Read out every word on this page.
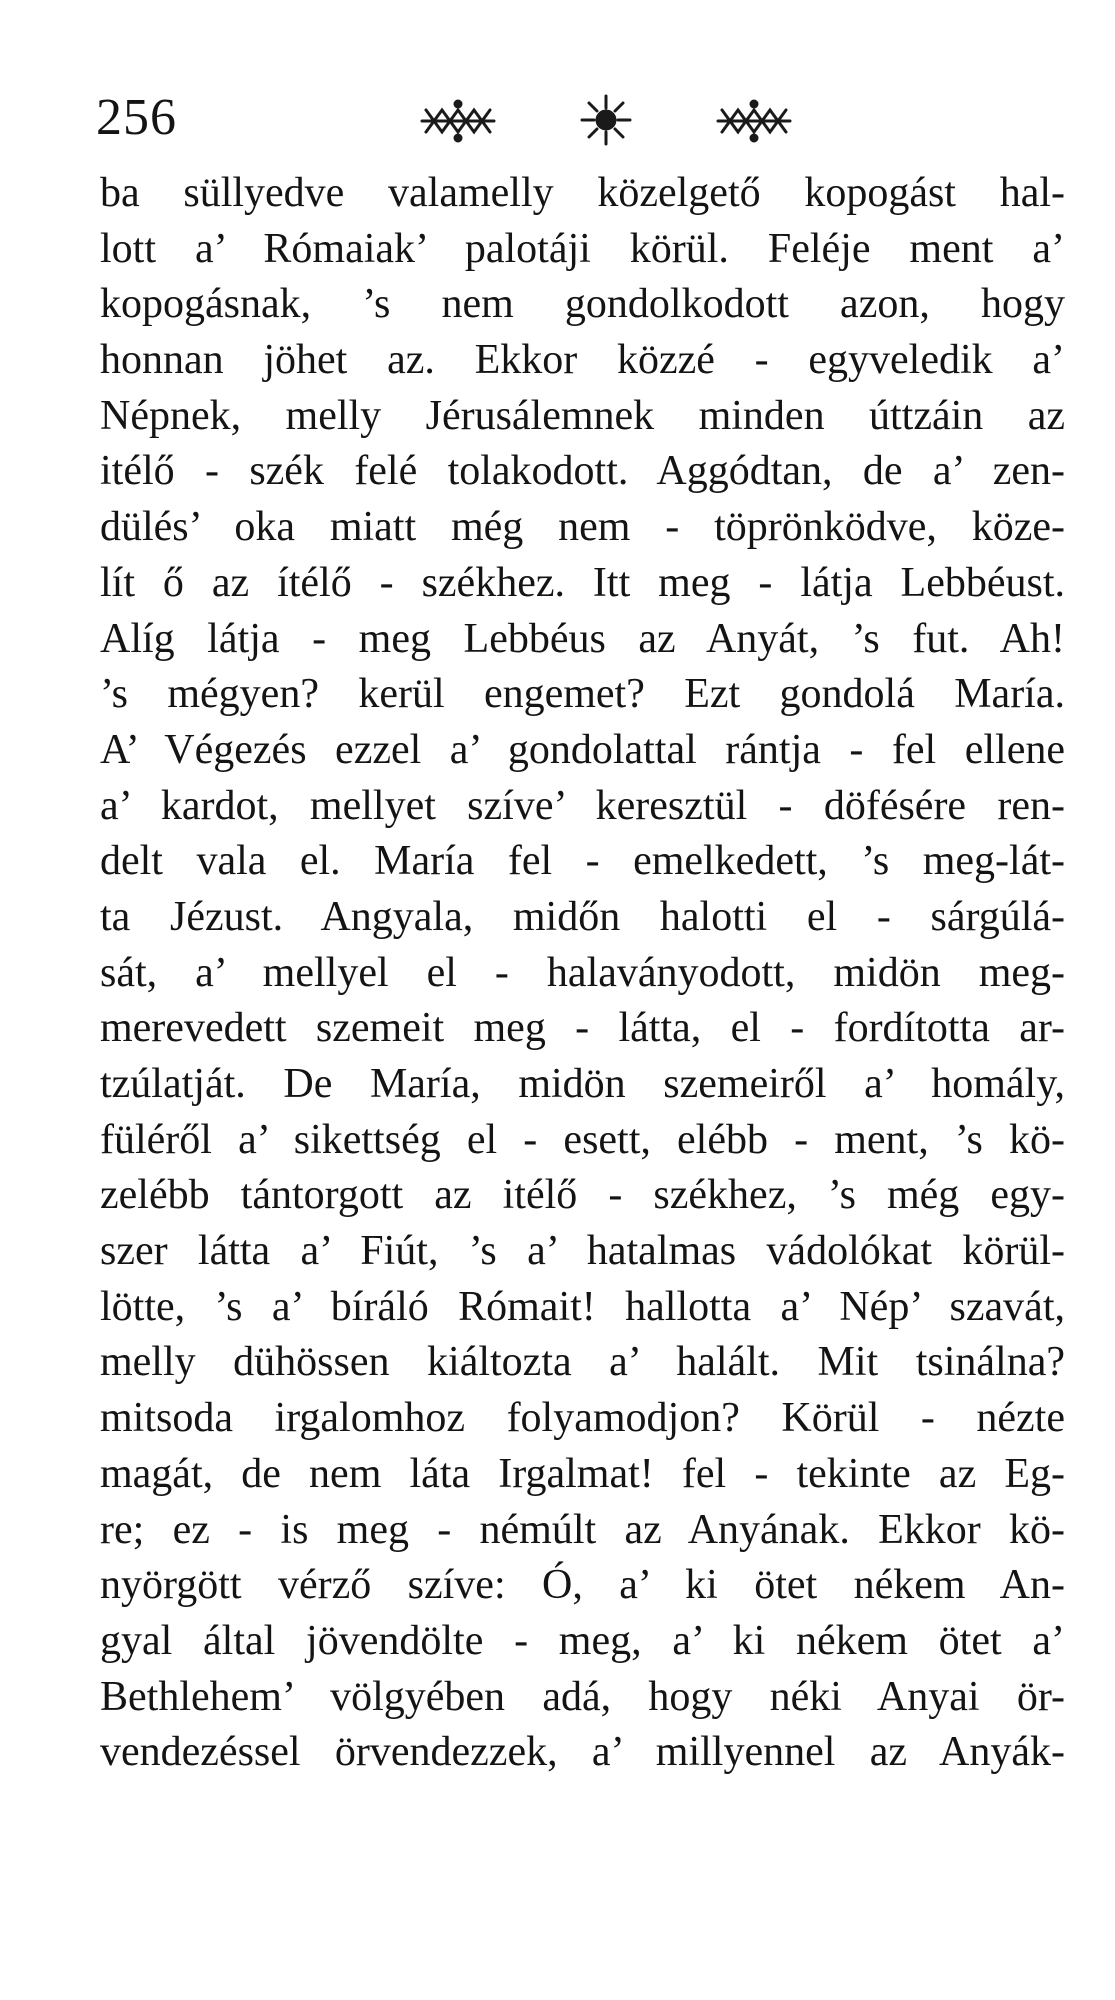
256
ba süllyedve valamelly közelgető kopogást hal-
lott a’ Rómaiak’ palotáji körül. Feléje ment a’
kopogásnak, ’s nem gondolkodott azon, hogy
honnan jöhet az. Ekkor közzé - egyveledik a’
Népnek, melly Jérusálemnek minden úttzáin az
itélő - szék felé tolakodott. Aggódtan, de a’ zen-
dülés’ oka miatt még nem - töprönködve, köze-
lít ő az ítélő - székhez. Itt meg - látja Lebbéust.
Alíg látja - meg Lebbéus az Anyát, ’s fut. Ah!
’s mégyen? kerül engemet? Ezt gondolá María.
A’ Végezés ezzel a’ gondolattal rántja - fel ellene
a’ kardot, mellyet szíve’ keresztül - döfésére ren-
delt vala el. María fel - emelkedett, ’s meg-lát-
ta Jézust. Angyala, midőn halotti el - sárgúlá-
sát, a’ mellyel el - halaványodott, midön meg-
merevedett szemeit meg - látta, el - fordította ar-
tzúlatját. De María, midön szemeiről a’ homály,
füléről a’ sikettség el - esett, elébb - ment, ’s kö-
zelébb tántorgott az itélő - székhez, ’s még egy-
szer látta a’ Fiút, ’s a’ hatalmas vádolókat körül-
lötte, ’s a’ bíráló Rómait! hallotta a’ Nép’ szavát,
melly dühössen kiáltozta a’ halált. Mit tsinálna?
mitsoda irgalomhoz folyamodjon? Körül - nézte
magát, de nem láta Irgalmat! fel - tekinte az Eg-
re; ez - is meg - némúlt az Anyának. Ekkor kö-
nyörgött vérző szíve: Ó, a’ ki ötet nékem An-
gyal által jövendölte - meg, a’ ki nékem ötet a’
Bethlehem’ völgyében adá, hogy néki Anyai ör-
vendezéssel örvendezzek, a’ millyennel az Anyák-
